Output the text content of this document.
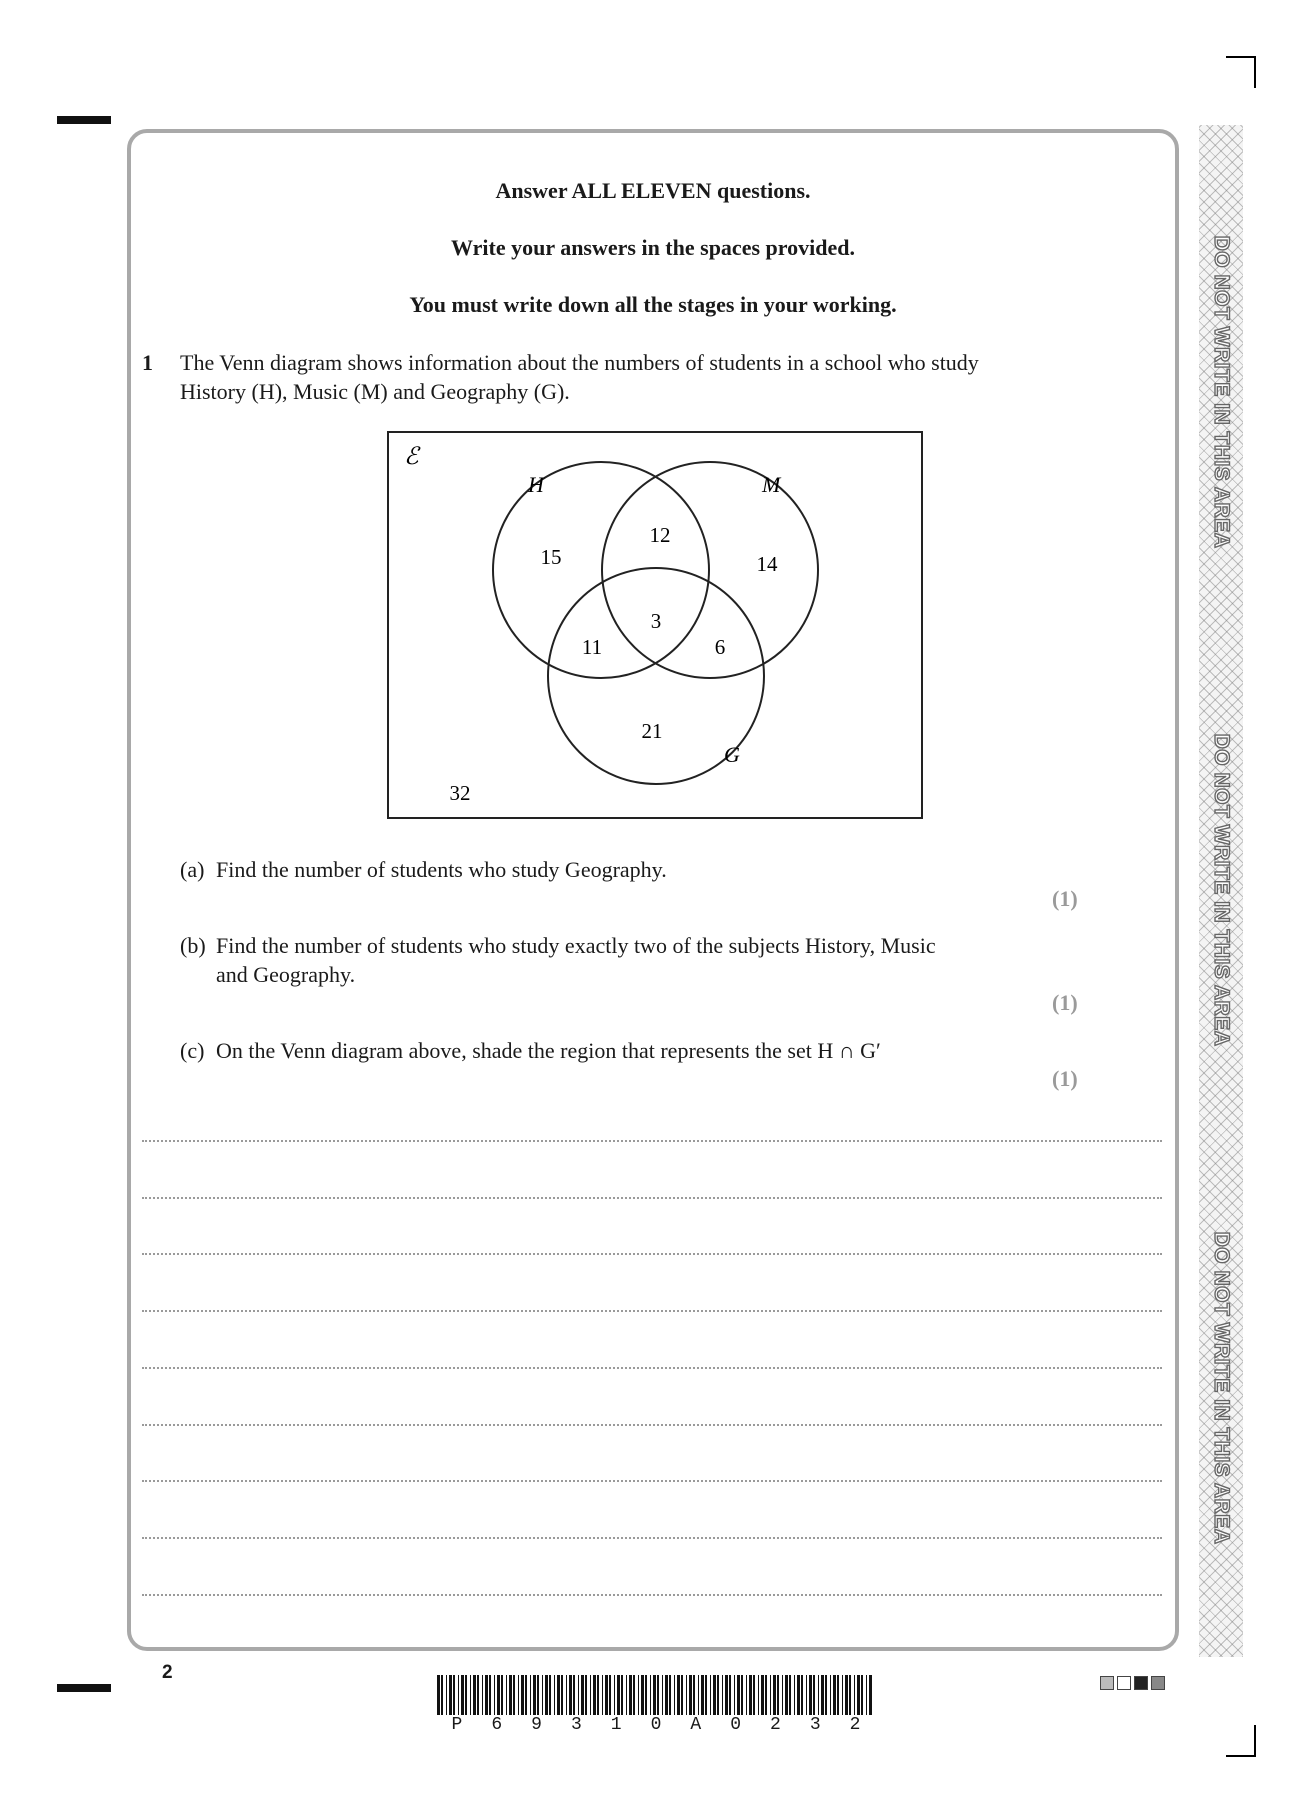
DO NOT WRITE IN THIS AREA
DO NOT WRITE IN THIS AREA
DO NOT WRITE IN THIS AREA
Answer ALL ELEVEN questions.
Write your answers in the spaces provided.
You must write down all the stages in your working.
1 The Venn diagram shows information about the numbers of students in a school who study
History (H), Music (M) and Geography (G).
ℰ
H	M
G
15
12
14
3
11	6
21
32
(a) Find the number of students who study Geography.
(1)
(b) Find the number of students who study exactly two of the subjects History, Music
and Geography.
(1)
(c) On the Venn diagram above, shade the region that represents the set H ∩ G′
(1)
2
P 6 9 3 1 0 A 0 2 3 2
